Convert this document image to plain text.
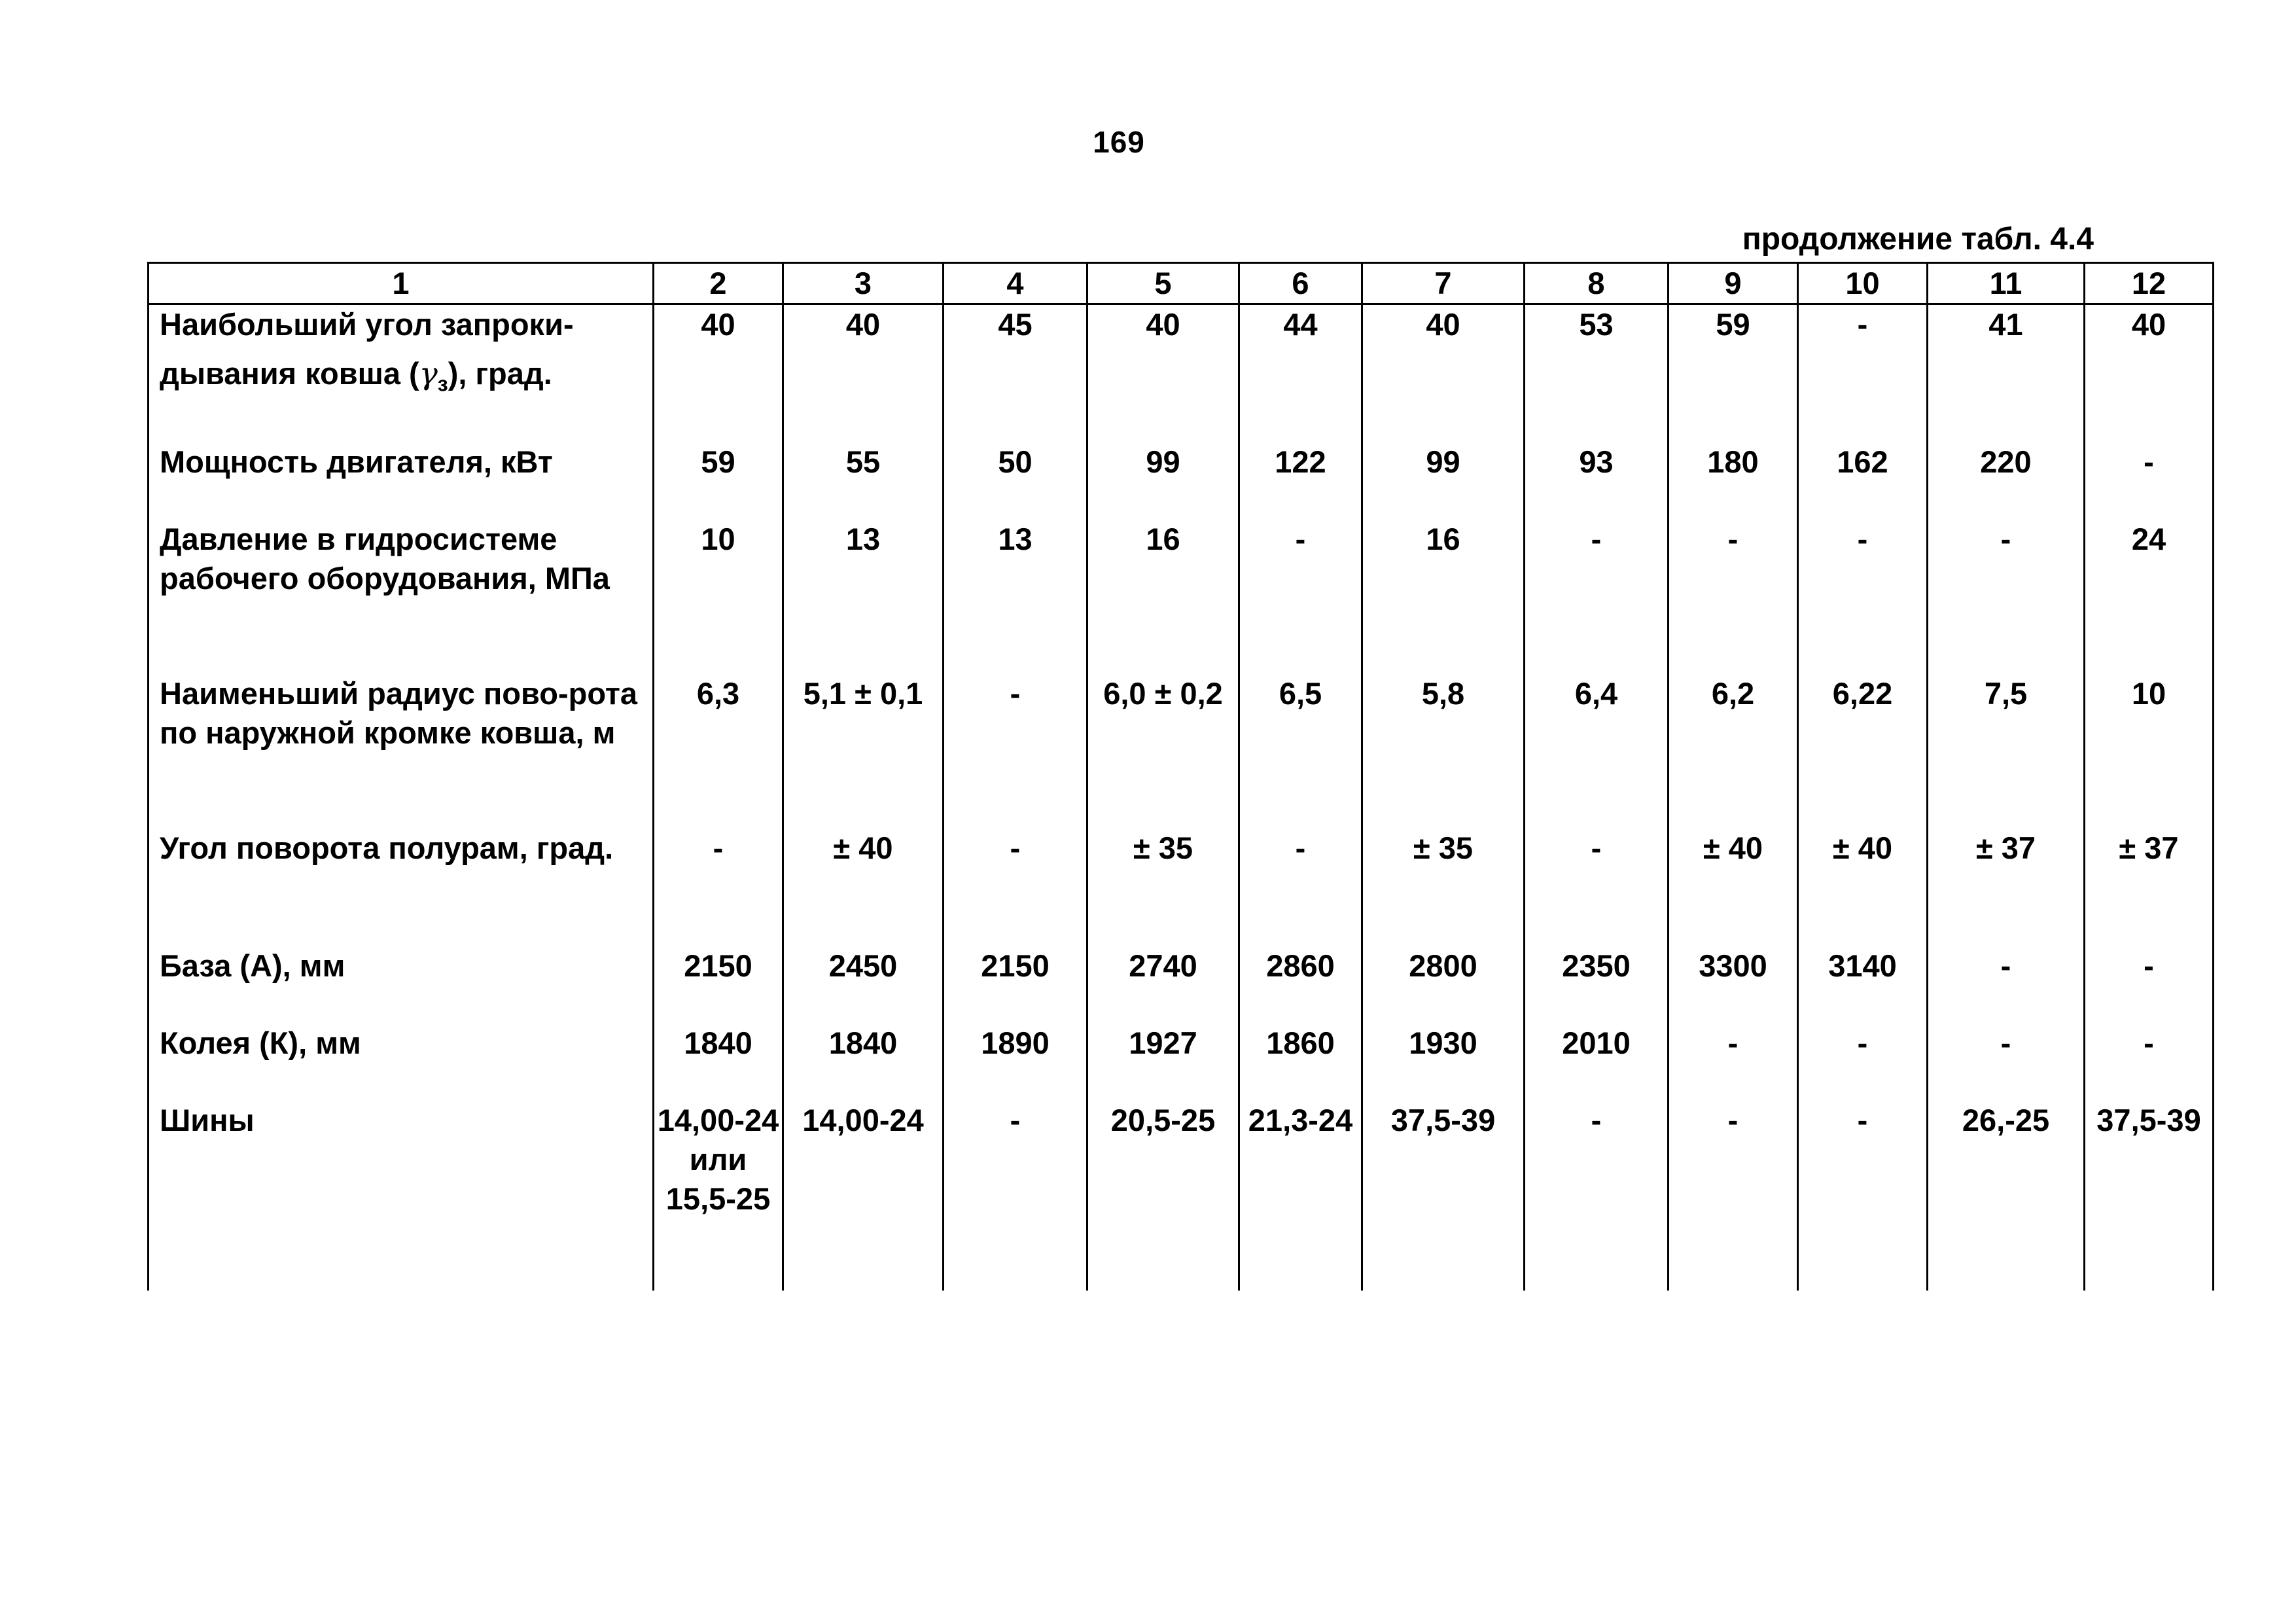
169
продолжение табл. 4.4
1	2	3	4	5	6	7	8	9	10	11	12
Наибольший угол запроки-
дывания ковша $(\gamma_з)$, град.	40	40	45	40	44	40	53	59	-	41	40
Мощность двигателя, кВт	59	55	50	99	122	99	93	180	162	220	-
Давление в гидросистеме рабочего оборудования, МПа	10	13	13	16	-	16	-	-	-	-	24
Наименьший радиус пово-рота по наружной кромке ковша, м	6,3	5,1 ± 0,1	-	6,0 ± 0,2	6,5	5,8	6,4	6,2	6,22	7,5	10
Угол поворота полурам, град.	-	± 40	-	± 35	-	± 35	-	± 40	± 40	± 37	± 37
База (А), мм	2150	2450	2150	2740	2860	2800	2350	3300	3140	-	-
Колея (К), мм	1840	1840	1890	1927	1860	1930	2010	-	-	-	-
Шины	14,00-24 или 15,5-25	14,00-24	-	20,5-25	21,3-24	37,5-39	-	-	-	26,-25	37,5-39
